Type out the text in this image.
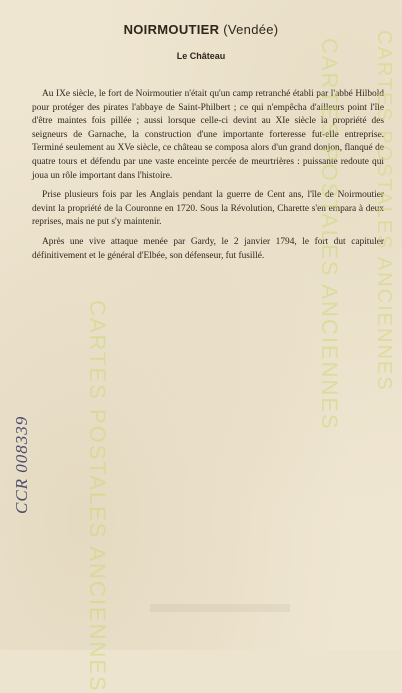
NOIRMOUTIER (Vendée)
Le Château

Au IXe siècle, le fort de Noirmoutier n'était qu'un camp retranché établi par l'abbé Hilbold pour protéger des pirates l'abbaye de Saint-Philbert ; ce qui n'empêcha d'ailleurs point l'île d'être maintes fois pillée ; aussi lorsque celle-ci devint au XIe siècle la propriété des seigneurs de Garnache, la construction d'une importante forteresse fut-elle entreprise. Terminé seulement au XVe siècle, ce château se composa alors d'un grand donjon, flanqué de quatre tours et défendu par une vaste enceinte percée de meurtrières : puissante redoute qui joua un rôle important dans l'histoire.

Prise plusieurs fois par les Anglais pendant la guerre de Cent ans, l'île de Noirmoutier devint la propriété de la Couronne en 1720. Sous la Révolution, Charette s'en empara à deux reprises, mais ne put s'y maintenir.

Après une vive attaque menée par Gardy, le 2 janvier 1794, le fort dut capituler définitivement et le général d'Elbée, son défenseur, fut fusillé.	CARTES POSTALES ANCIENNES CARTES POSTALES ANCIENNES
CARTES POSTALES ANCIENNES
CCR 008339
